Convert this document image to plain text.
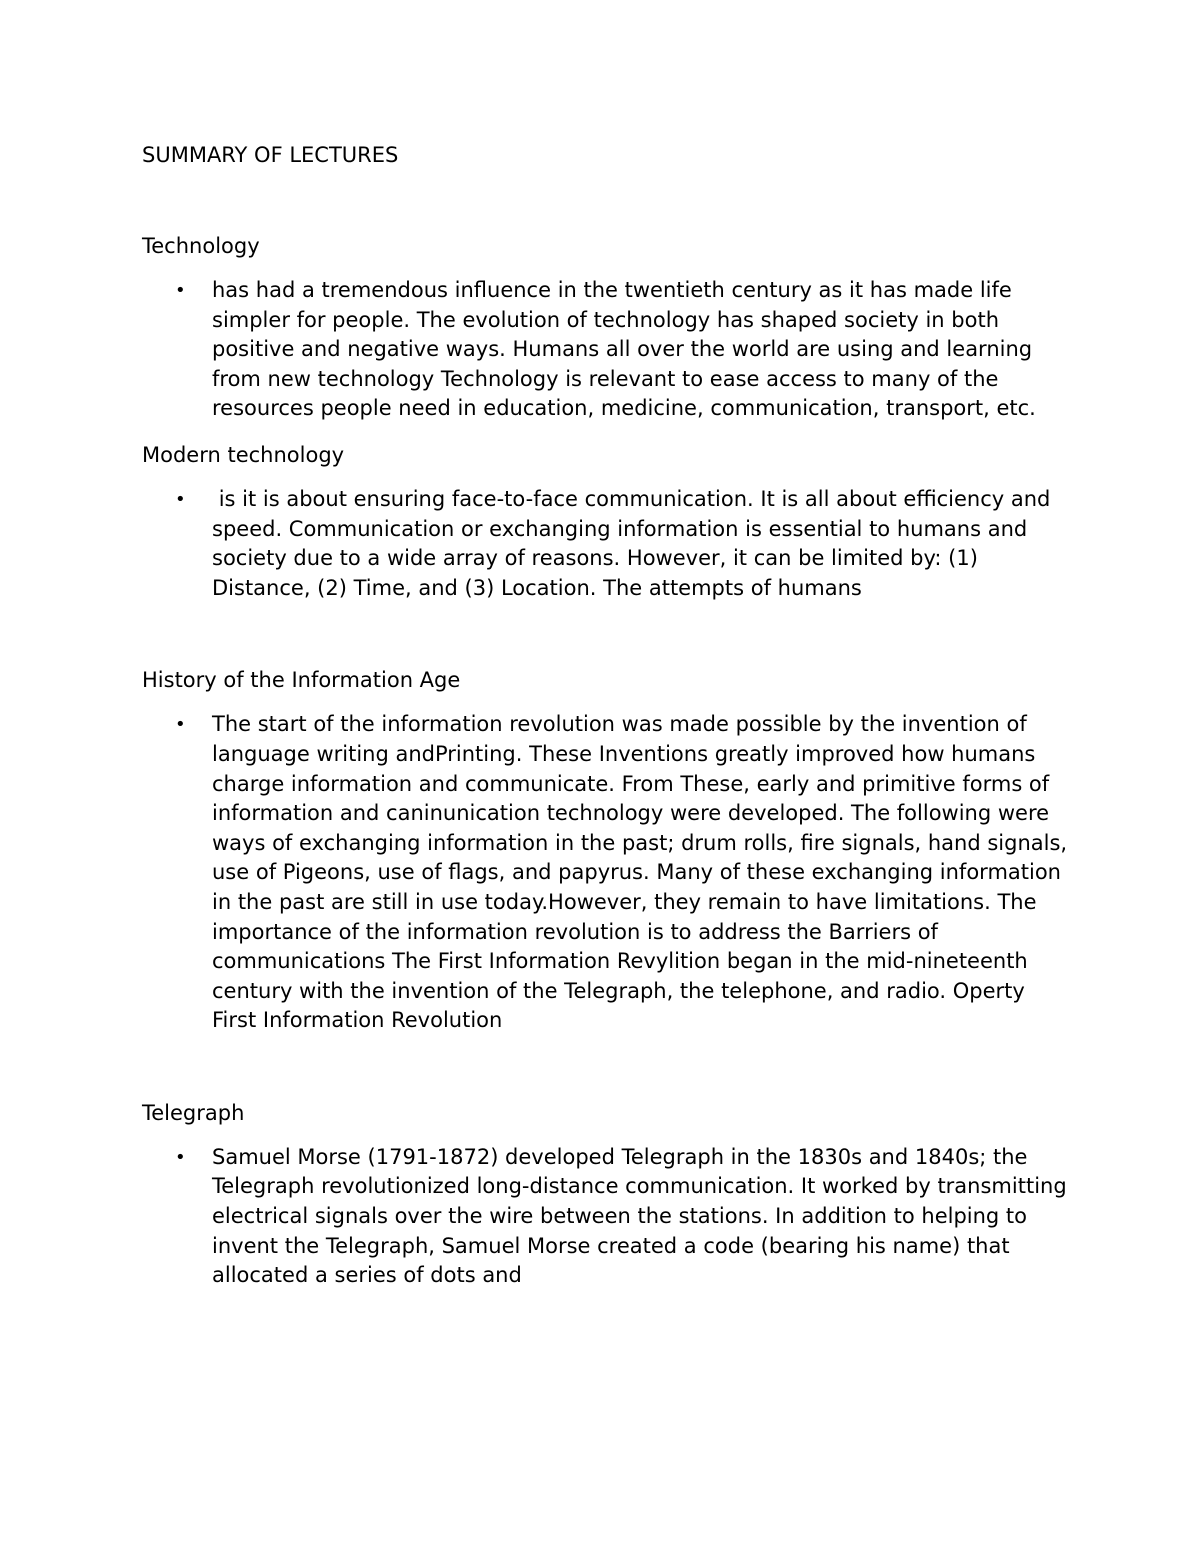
SUMMARY OF LECTURES
Technology
• has had a tremendous influence in the twentieth century as it has made life simpler for people. The evolution of technology has shaped society in both positive and negative ways. Humans all over the world are using and learning from new technology Technology is relevant to ease access to many of the resources people need in education, medicine, communication, transport, etc.
Modern technology
• is it is about ensuring face-to-face communication. It is all about efficiency and speed. Communication or exchanging information is essential to humans and society due to a wide array of reasons. However, it can be limited by: (1) Distance, (2) Time, and (3) Location. The attempts of humans
History of the Information Age
• The start of the information revolution was made possible by the invention of language writing andPrinting. These Inventions greatly improved how humans charge information and communicate. From These, early and primitive forms of information and caninunication technology were developed. The following were ways of exchanging information in the past; drum rolls, fire signals, hand signals, use of Pigeons, use of flags, and papyrus. Many of these exchanging information in the past are still in use today.However, they remain to have limitations. The importance of the information revolution is to address the Barriers of communications The First Information Revylition began in the mid-nineteenth century with the invention of the Telegraph, the telephone, and radio. Operty First Information Revolution
Telegraph
• Samuel Morse (1791-1872) developed Telegraph in the 1830s and 1840s; the Telegraph revolutionized long-distance communication. It worked by transmitting electrical signals over the wire between the stations. In addition to helping to invent the Telegraph, Samuel Morse created a code (bearing his name) that allocated a series of dots and
